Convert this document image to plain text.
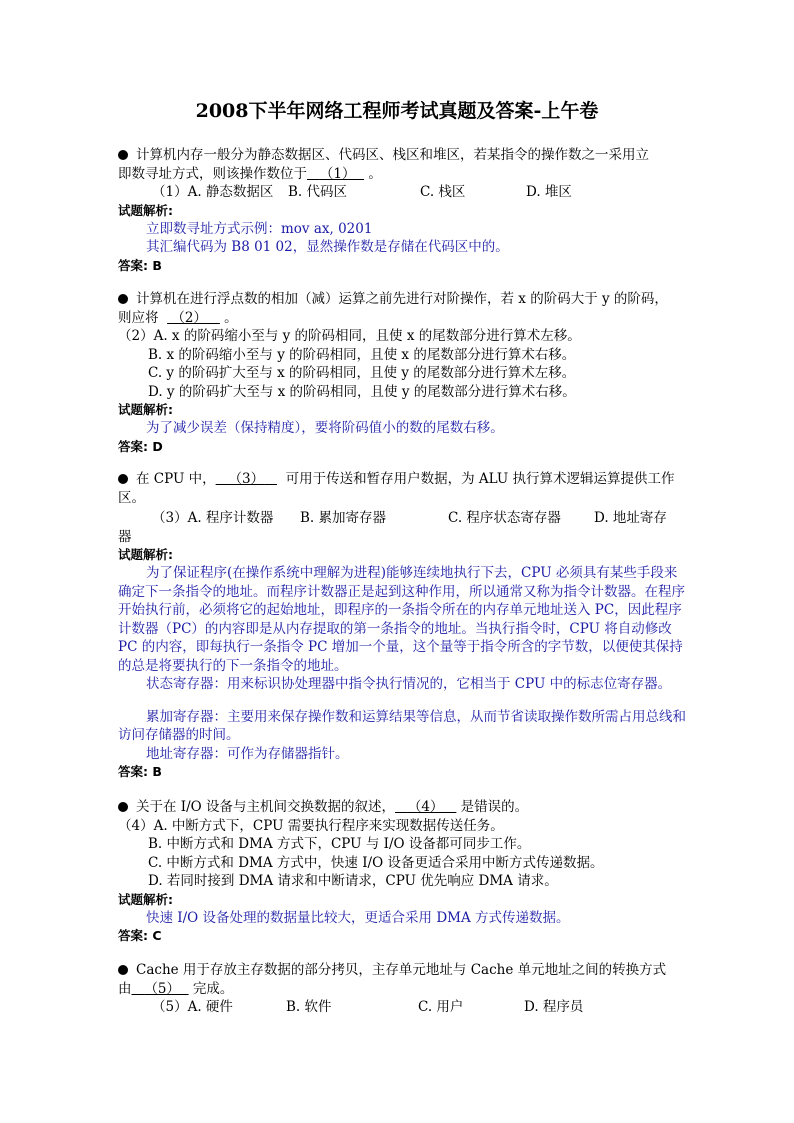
2008下半年网络工程师考试真题及答案-上午卷
计算机内存一般分为静态数据区、代码区、栈区和堆区，若某指令的操作数之一采用立
即数寻址方式，则该操作数位于 （1） 。
（1）A. 静态数据区 B. 代码区	C. 栈区	D. 堆区
试题解析:
立即数寻址方式示例：mov ax, 0201
其汇编代码为 B8 01 02，显然操作数是存储在代码区中的。
答案: B
计算机在进行浮点数的相加（减）运算之前先进行对阶操作，若 x 的阶码大于 y 的阶码，
则应将 （2） 。
（2）A. x 的阶码缩小至与 y 的阶码相同，且使 x 的尾数部分进行算术左移。
B. x 的阶码缩小至与 y 的阶码相同，且使 x 的尾数部分进行算术右移。
C. y 的阶码扩大至与 x 的阶码相同，且使 y 的尾数部分进行算术左移。
D. y 的阶码扩大至与 x 的阶码相同，且使 y 的尾数部分进行算术右移。
试题解析:
为了减少误差（保持精度），要将阶码值小的数的尾数右移。
答案: D
在 CPU 中， （3） 可用于传送和暂存用户数据，为 ALU 执行算术逻辑运算提供工作
区。
（3）A. 程序计数器 B. 累加寄存器	C. 程序状态寄存器 D. 地址寄存
器
试题解析:
为了保证程序(在操作系统中理解为进程)能够连续地执行下去，CPU 必须具有某些手段来确定下一条指令的地址。而程序计数器正是起到这种作用，所以通常又称为指令计数器。在程序开始执行前，必须将它的起始地址，即程序的一条指令所在的内存单元地址送入 PC，因此程序计数器（PC）的内容即是从内存提取的第一条指令的地址。当执行指令时，CPU 将自动修改 PC 的内容，即每执行一条指令 PC 增加一个量，这个量等于指令所含的字节数，以便使其保持的总是将要执行的下一条指令的地址。
状态寄存器：用来标识协处理器中指令执行情况的，它相当于 CPU 中的标志位寄存器。
累加寄存器：主要用来保存操作数和运算结果等信息，从而节省读取操作数所需占用总线和访问存储器的时间。
地址寄存器：可作为存储器指针。
答案: B
关于在 I/O 设备与主机间交换数据的叙述， （4） 是错误的。
（4）A. 中断方式下，CPU 需要执行程序来实现数据传送任务。
B. 中断方式和 DMA 方式下，CPU 与 I/O 设备都可同步工作。
C. 中断方式和 DMA 方式中，快速 I/O 设备更适合采用中断方式传递数据。
D. 若同时接到 DMA 请求和中断请求，CPU 优先响应 DMA 请求。
试题解析:
快速 I/O 设备处理的数据量比较大，更适合采用 DMA 方式传递数据。
答案: C
Cache 用于存放主存数据的部分拷贝，主存单元地址与 Cache 单元地址之间的转换方式
由 （5） 完成。
（5）A. 硬件	B. 软件	C. 用户	D. 程序员
